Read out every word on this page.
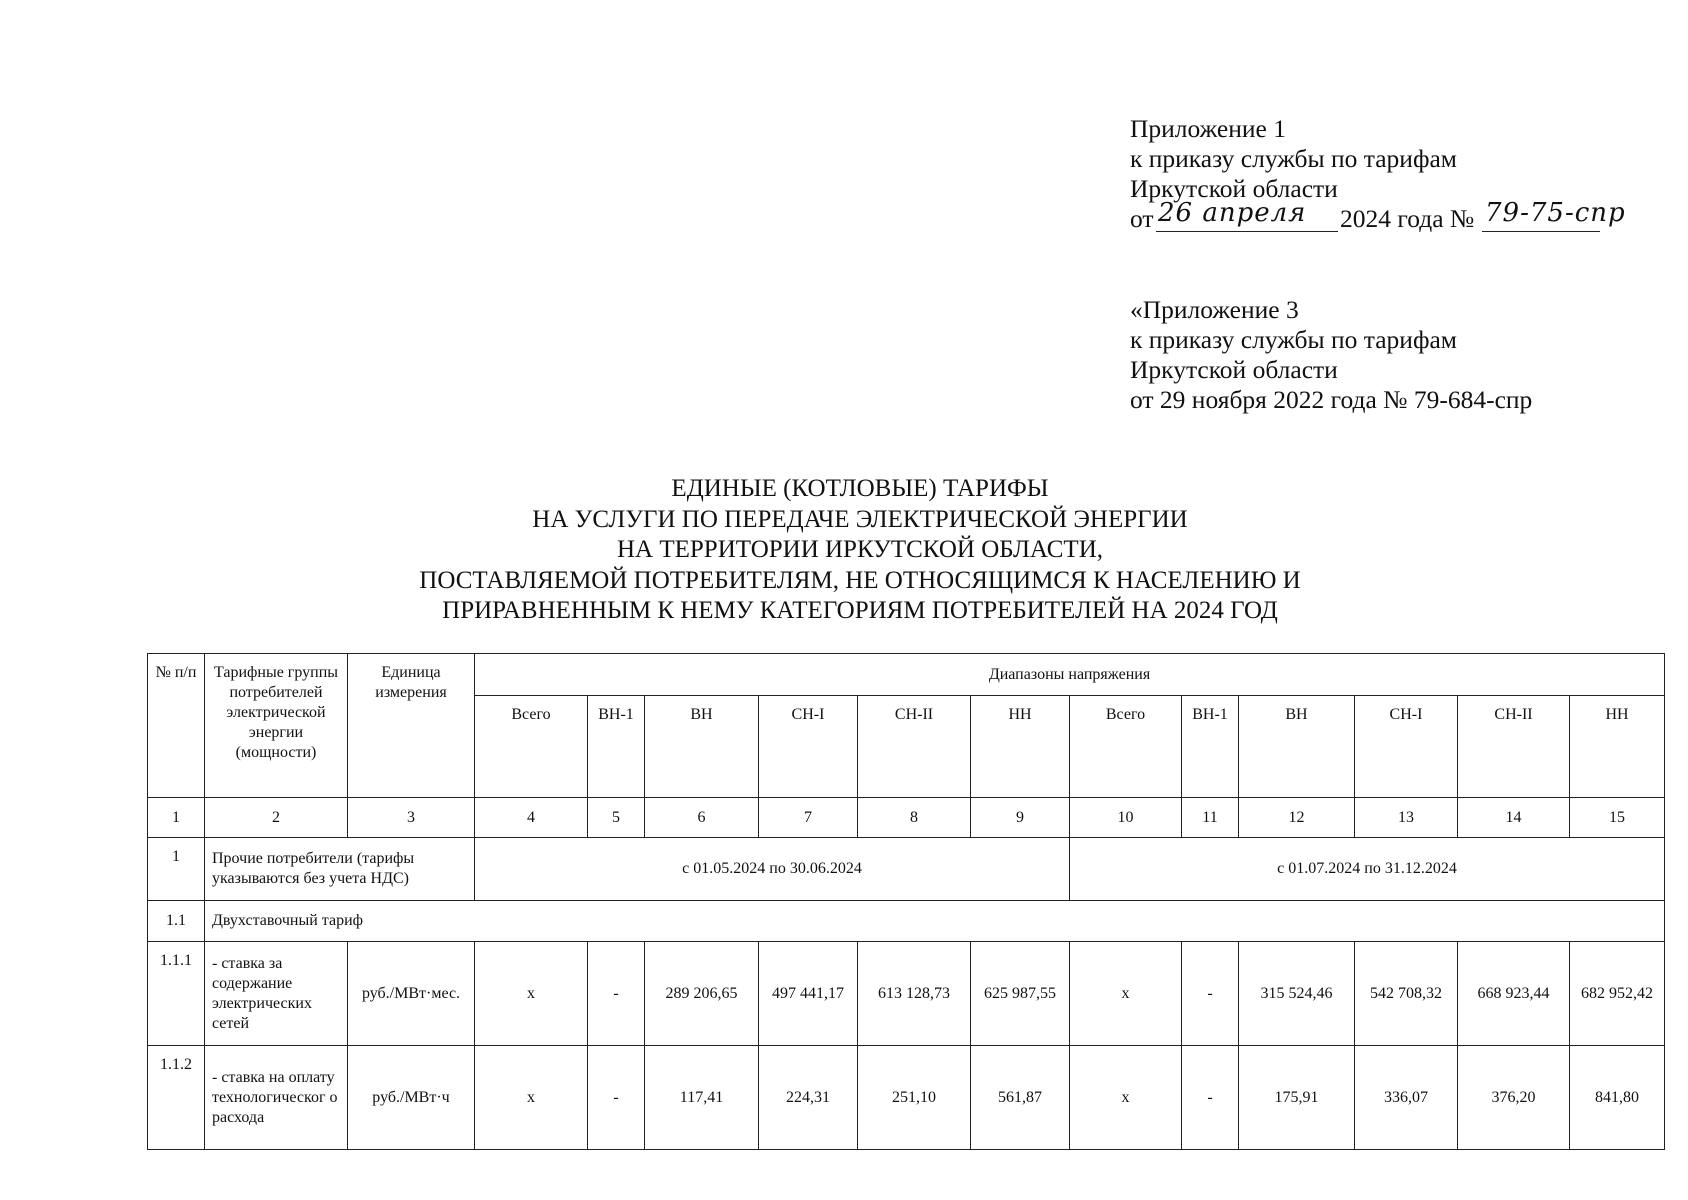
Приложение 1
к приказу службы по тарифам
Иркутской области
от 26 апреля 2024 года № 79-75-спр
«Приложение 3
к приказу службы по тарифам
Иркутской области
от 29 ноября 2022 года № 79-684-спр
ЕДИНЫЕ (КОТЛОВЫЕ) ТАРИФЫ
НА УСЛУГИ ПО ПЕРЕДАЧЕ ЭЛЕКТРИЧЕСКОЙ ЭНЕРГИИ
НА ТЕРРИТОРИИ ИРКУТСКОЙ ОБЛАСТИ,
ПОСТАВЛЯЕМОЙ ПОТРЕБИТЕЛЯМ, НЕ ОТНОСЯЩИМСЯ К НАСЕЛЕНИЮ И
ПРИРАВНЕННЫМ К НЕМУ КАТЕГОРИЯМ ПОТРЕБИТЕЛЕЙ НА 2024 ГОД
№ п/п	Тарифные группы потребителей электрической энергии (мощности)	Единица измерения	Диапазоны напряжения											
			Всего	ВН-1	ВН	СН-I	СН-II	НН	Всего	ВН-1	ВН	СН-I	СН-II	НН
1	2	3	4	5	6	7	8	9	10	11	12	13	14	15
1	Прочие потребители (тарифы указываются без учета НДС)		с 01.05.2024 по 30.06.2024						с 01.07.2024 по 31.12.2024					
1.1	Двухставочный тариф													
1.1.1	- ставка за содержание электрических сетей	руб./МВт·мес.	х	-	289 206,65	497 441,17	613 128,73	625 987,55	х	-	315 524,46	542 708,32	668 923,44	682 952,42
1.1.2	- ставка на оплату технологическог о расхода	руб./МВт·ч	х	-	117,41	224,31	251,10	561,87	х	-	175,91	336,07	376,20	841,80
